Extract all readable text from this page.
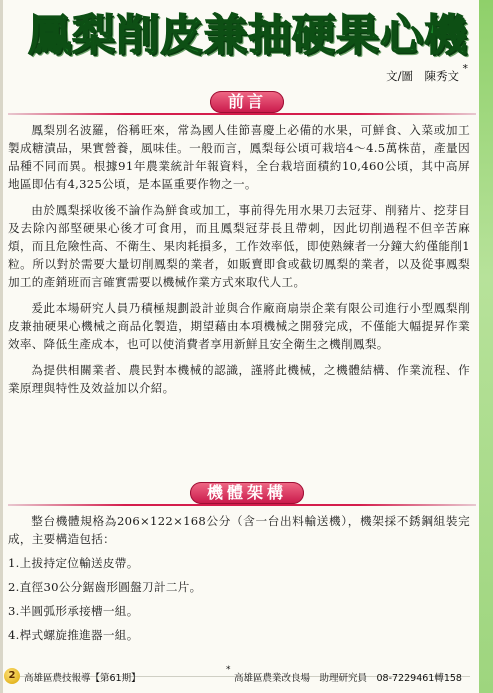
鳳梨削皮兼抽硬果心機
文/圖　陳秀文
*
前言

鳳梨別名波羅，俗稱旺來，常為國人佳節喜慶上必備的水果，可鮮食、入菜或加工製成糖漬品，果實營養，風味佳。一般而言，鳳梨每公頃可栽培4～4.5萬株苗，產量因品種不同而異。根據91年農業統計年報資料，全台栽培面積約10,460公頃，其中高屏地區即佔有4,325公頃，是本區重要作物之一。

由於鳳梨採收後不論作為鮮食或加工，事前得先用水果刀去冠芽、削豬片、挖芽目及去除內部堅硬果心後才可食用，而且鳳梨冠芽長且帶刺，因此切削過程不但辛苦麻煩，而且危險性高、不衛生、果肉耗損多，工作效率低，即使熟練者一分鐘大約僅能削1粒。所以對於需要大量切削鳳梨的業者，如販賣即食或截切鳳梨的業者，以及從事鳳梨加工的產銷班而言確實需要以機械作業方式來取代人工。

爰此本場研究人員乃積極規劃設計並與合作廠商扇崇企業有限公司進行小型鳳梨削皮兼抽硬果心機械之商品化製造，期望藉由本項機械之開發完成，不僅能大幅提昇作業效率、降低生產成本，也可以使消費者享用新鮮且安全衛生之機削鳳梨。

為提供相關業者、農民對本機械的認識，謹將此機械，之機體結構、作業流程、作業原理與特性及效益加以介紹。

機體架構

整台機體規格為206×122×168公分（含一台出料輸送機），機架採不銹鋼組裝完成，主要構造包括：

1.上拔持定位輸送皮帶。

2.直徑30公分鋸齒形圓盤刀計二片。

3.半圓弧形承接槽一組。

4.桿式螺旋推進器一組。

2 高雄區農技報導【第61期】
*
高雄區農業改良場　助理研究員　08-7229461轉158
